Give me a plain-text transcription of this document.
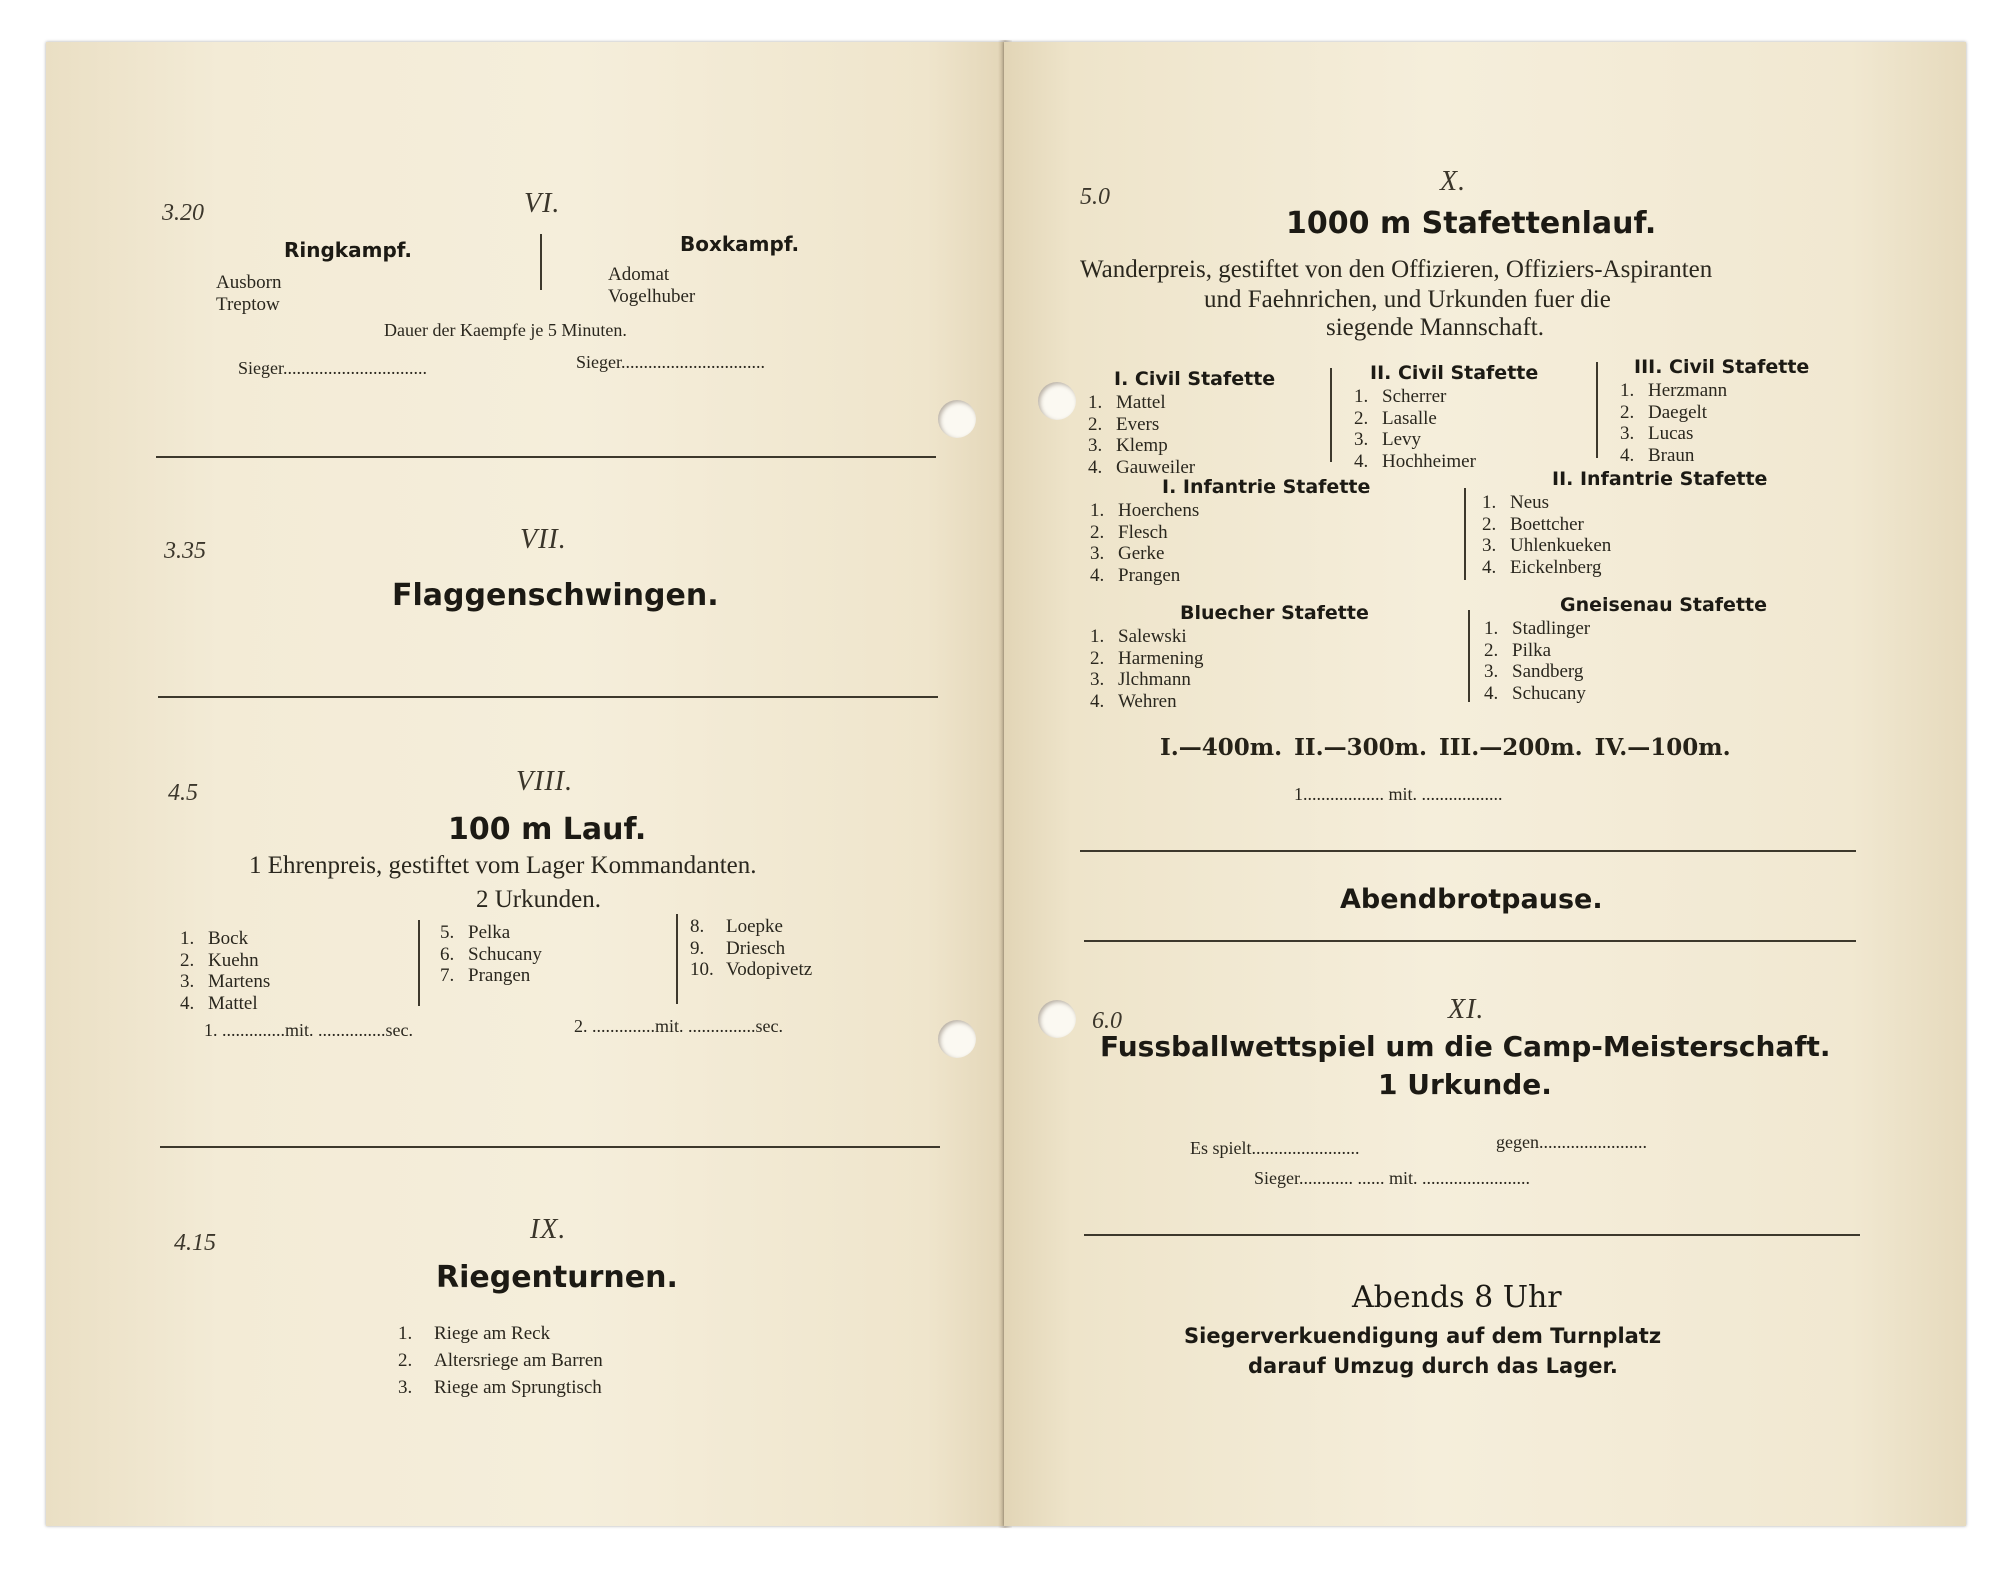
3.20	VI.
Ringkampf.
Ausborn
Treptow
Boxkampf.
Adomat
Vogelhuber
Dauer der Kaempfe je 5 Minuten.
Sieger................................	Sieger................................
3.35	VII.
Flaggenschwingen.
4.5	VIII.
100 m Lauf.
1 Ehrenpreis, gestiftet vom Lager Kommandanten.
2 Urkunden.
1. Bock
2. Kuehn
3. Martens
4. Mattel
5. Pelka
6. Schucany
7. Prangen
8. Loepke
9. Driesch
10. Vodopivetz
1. ..............mit. ...............sec.	2. ..............mit. ...............sec.
4.15	IX.
Riegenturnen.
1. Riege am Reck
2. Altersriege am Barren
3. Riege am Sprungtisch
5.0	X.
1000 m Stafettenlauf.
Wanderpreis, gestiftet von den Offizieren, Offiziers-Aspiranten
und Faehnrichen, und Urkunden fuer die
siegende Mannschaft.
I. Civil Stafette
1. Mattel
2. Evers
3. Klemp
4. Gauweiler
II. Civil Stafette
1. Scherrer
2. Lasalle
3. Levy
4. Hochheimer
III. Civil Stafette
1. Herzmann
2. Daegelt
3. Lucas
4. Braun
I. Infantrie Stafette
1. Hoerchens
2. Flesch
3. Gerke
4. Prangen
II. Infantrie Stafette
1. Neus
2. Boettcher
3. Uhlenkueken
4. Eickelnberg
Bluecher Stafette
1. Salewski
2. Harmening
3. Jlchmann
4. Wehren
Gneisenau Stafette
1. Stadlinger
2. Pilka
3. Sandberg
4. Schucany
I.—400m. II.—300m. III.—200m. IV.—100m.
1.................. mit. ..................
Abendbrotpause.
6.0	XI.
Fussballwettspiel um die Camp-Meisterschaft.
1 Urkunde.
Es spielt........................	gegen........................
Sieger............ ...... mit. ........................
Abends 8 Uhr
Siegerverkuendigung auf dem Turnplatz
darauf Umzug durch das Lager.
